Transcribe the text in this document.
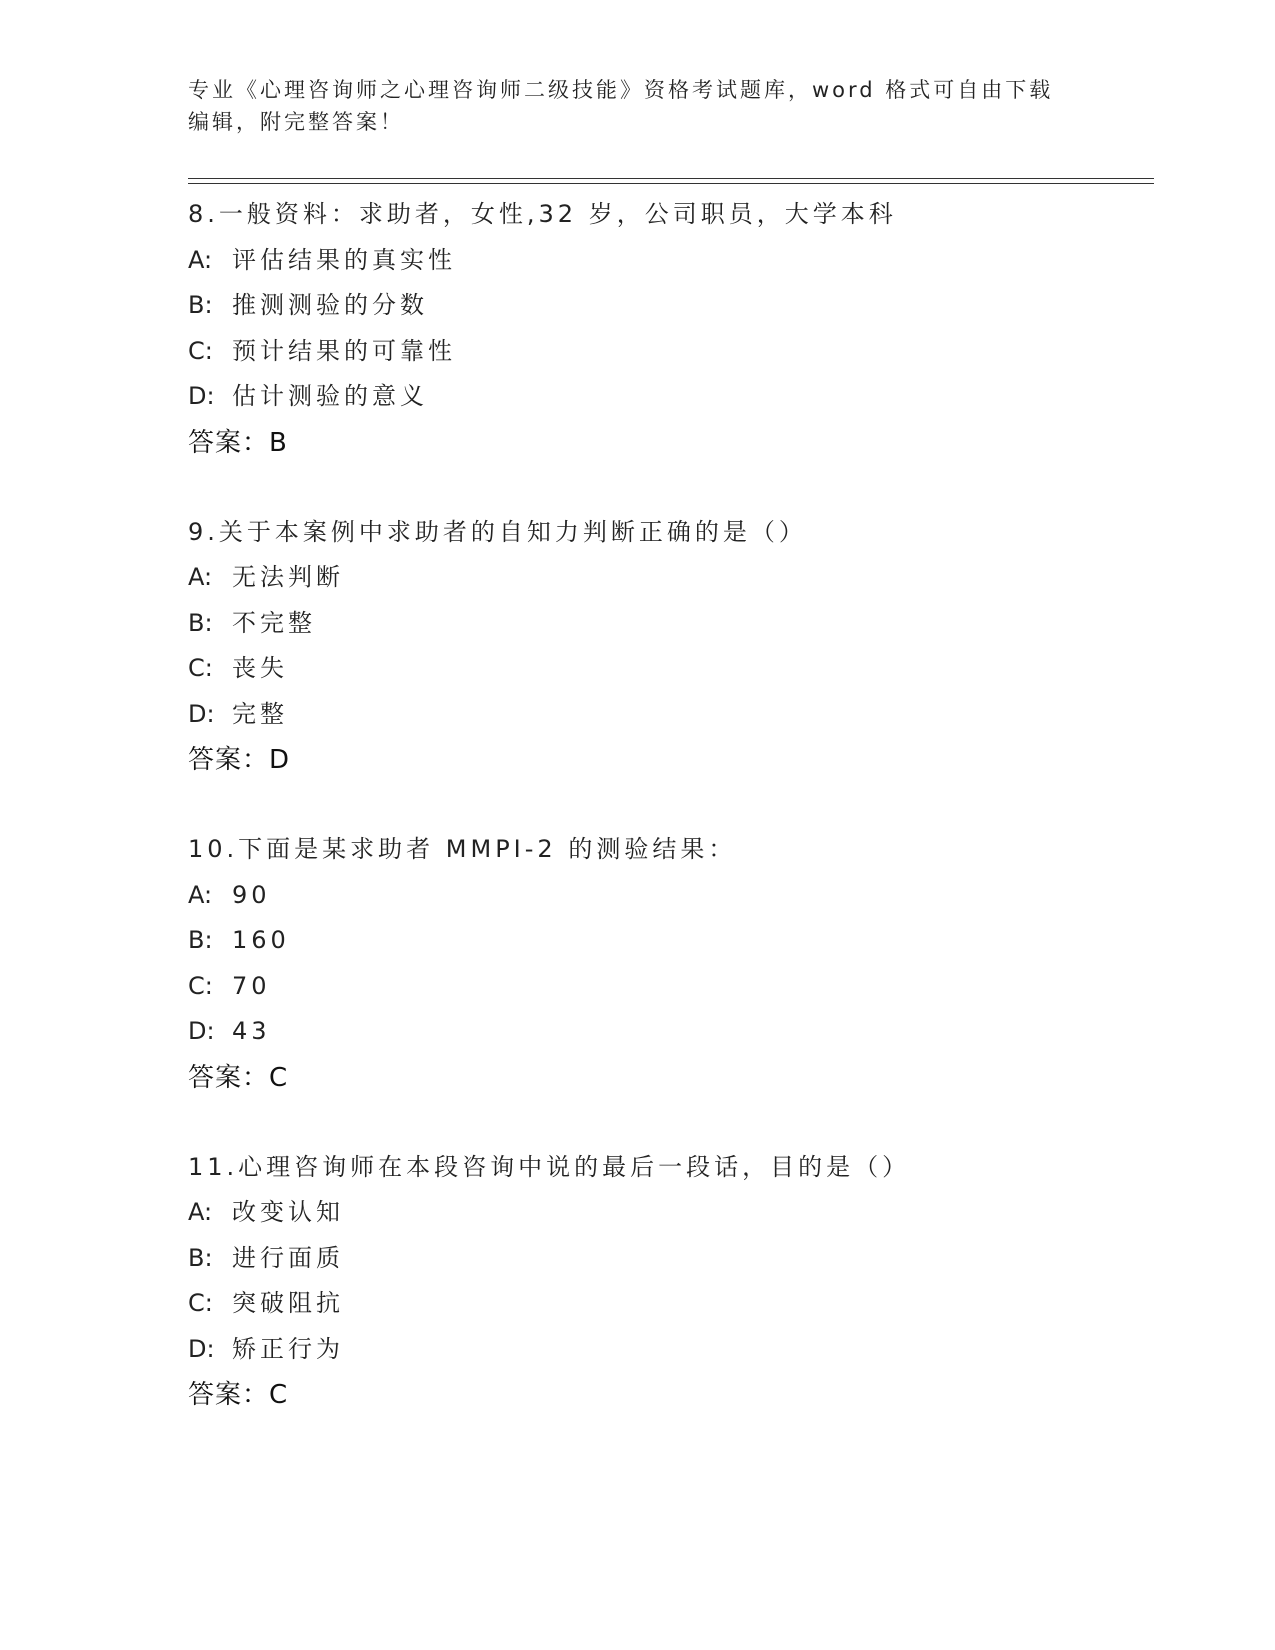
专业《心理咨询师之心理咨询师二级技能》资格考试题库，word 格式可自由下载
编辑，附完整答案！
8.一般资料：求助者，女性,32 岁，公司职员，大学本科
A: 评估结果的真实性
B: 推测测验的分数
C: 预计结果的可靠性
D: 估计测验的意义
答案：B
9.关于本案例中求助者的自知力判断正确的是（）
A: 无法判断
B: 不完整
C: 丧失
D: 完整
答案：D
10.下面是某求助者 MMPI-2 的测验结果：
A: 90
B: 160
C: 70
D: 43
答案：C
11.心理咨询师在本段咨询中说的最后一段话，目的是（）
A: 改变认知
B: 进行面质
C: 突破阻抗
D: 矫正行为
答案：C
